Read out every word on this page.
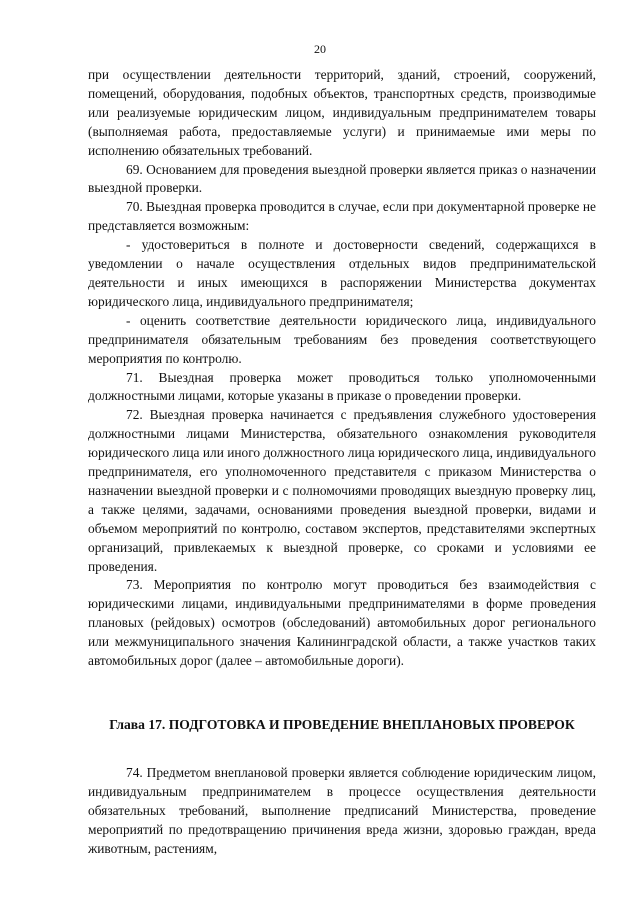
20

при осуществлении деятельности территорий, зданий, строений, сооружений, помещений, оборудования, подобных объектов, транспортных средств, производимые или реализуемые юридическим лицом, индивидуальным предпринимателем товары (выполняемая работа, предоставляемые услуги) и принимаемые ими меры по исполнению обязательных требований.

69. Основанием для проведения выездной проверки является приказ о назначении выездной проверки.

70. Выездная проверка проводится в случае, если при документарной проверке не представляется возможным:

- удостовериться в полноте и достоверности сведений, содержащихся в уведомлении о начале осуществления отдельных видов предпринимательской деятельности и иных имеющихся в распоряжении Министерства документах юридического лица, индивидуального предпринимателя;

- оценить соответствие деятельности юридического лица, индивидуального предпринимателя обязательным требованиям без проведения соответствующего мероприятия по контролю.

71. Выездная проверка может проводиться только уполномоченными должностными лицами, которые указаны в приказе о проведении проверки.

72. Выездная проверка начинается с предъявления служебного удостоверения должностными лицами Министерства, обязательного ознакомления руководителя юридического лица или иного должностного лица юридического лица, индивидуального предпринимателя, его уполномоченного представителя с приказом Министерства о назначении выездной проверки и с полномочиями проводящих выездную проверку лиц, а также целями, задачами, основаниями проведения выездной проверки, видами и объемом мероприятий по контролю, составом экспертов, представителями экспертных организаций, привлекаемых к выездной проверке, со сроками и условиями ее проведения.

73. Мероприятия по контролю могут проводиться без взаимодействия с юридическими лицами, индивидуальными предпринимателями в форме проведения плановых (рейдовых) осмотров (обследований) автомобильных дорог регионального или межмуниципального значения Калининградской области, а также участков таких автомобильных дорог (далее – автомобильные дороги).

Глава 17. ПОДГОТОВКА И ПРОВЕДЕНИЕ ВНЕПЛАНОВЫХ ПРОВЕРОК

74. Предметом внеплановой проверки является соблюдение юридическим лицом, индивидуальным предпринимателем в процессе осуществления деятельности обязательных требований, выполнение предписаний Министерства, проведение мероприятий по предотвращению причинения вреда жизни, здоровью граждан, вреда животным, растениям,
